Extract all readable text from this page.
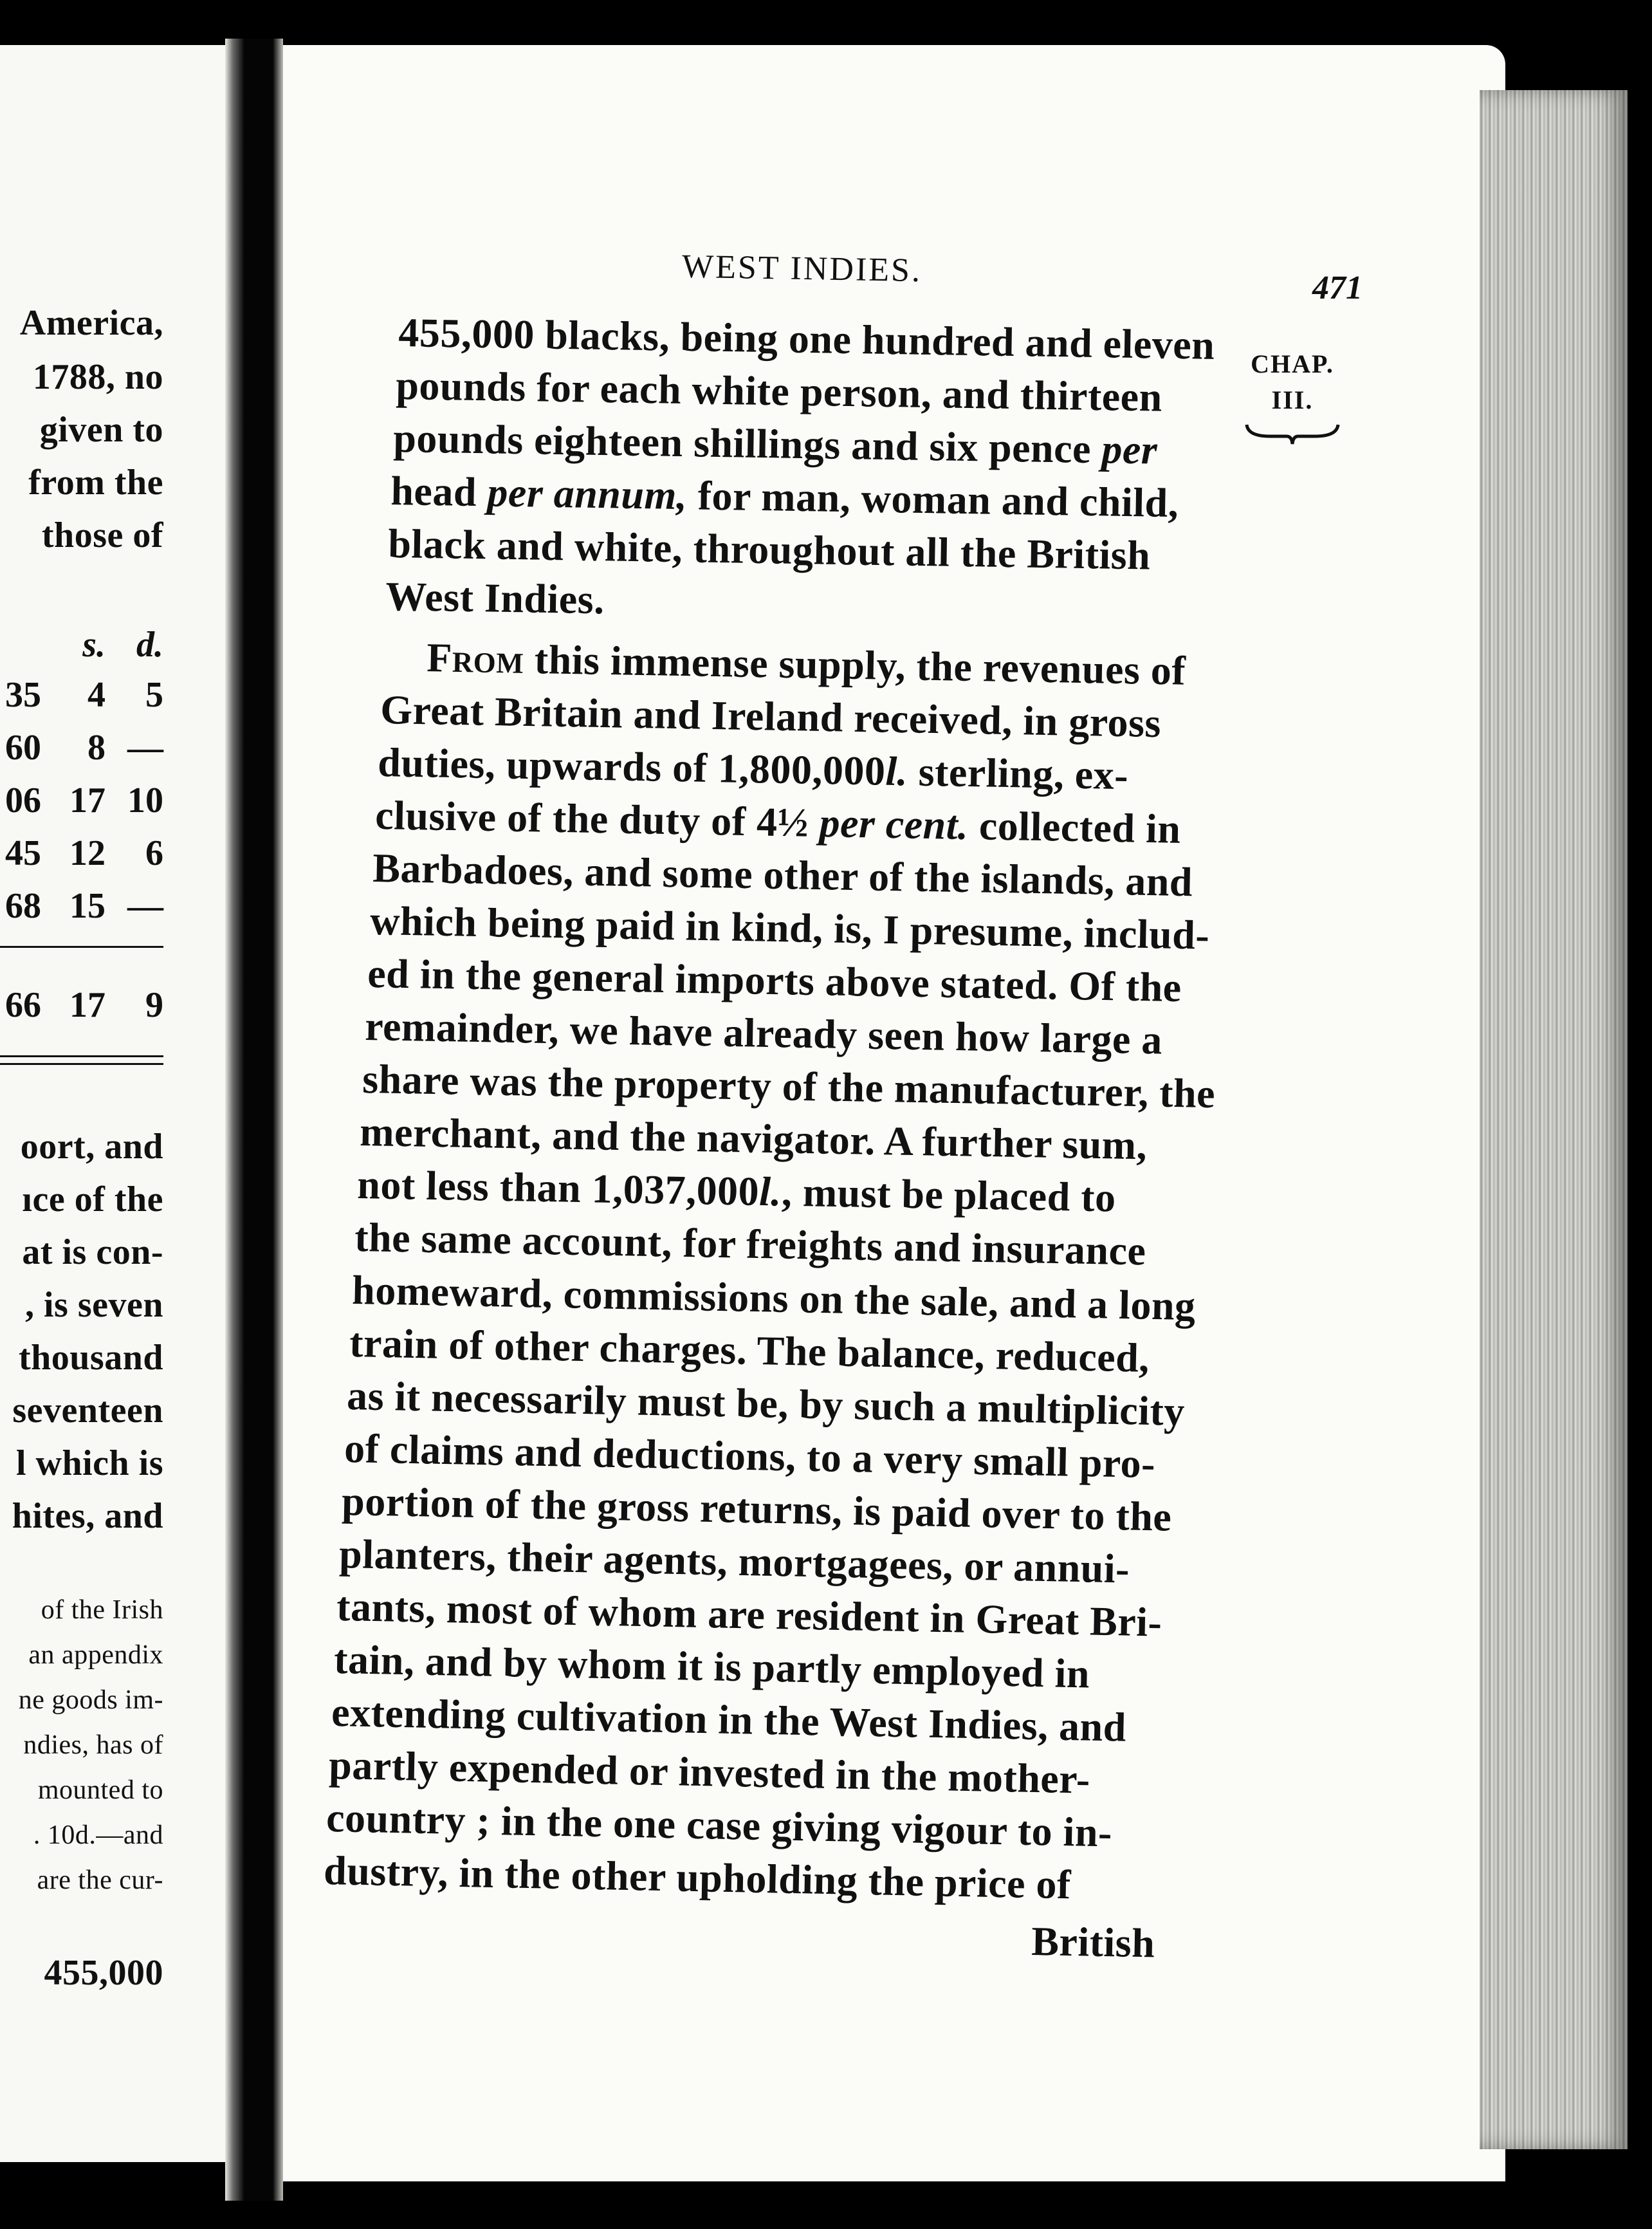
America,
1788, no
given to
from the
those of
s. d.
35 4 5
60 8 —
06 17 10
45 12 6
68 15 —
66 17 9
oort, and
ıce of the
at is con-
, is seven
thousand
seventeen
l which is
hites, and
of the Irish
an appendix
ne goods im-
ndies, has of
mounted to
. 10d.—and
are the cur-
455,000
WEST INDIES.	471
CHAP.
III.
455,000 blacks, being one hundred and eleven
pounds for each white person, and thirteen
pounds eighteen shillings and six pence per
head per annum, for man, woman and child,
black and white, throughout all the British
West Indies.
From this immense supply, the revenues of
Great Britain and Ireland received, in gross
duties, upwards of 1,800,000l. sterling, ex-
clusive of the duty of 4½ per cent. collected in
Barbadoes, and some other of the islands, and
which being paid in kind, is, I presume, includ-
ed in the general imports above stated. Of the
remainder, we have already seen how large a
share was the property of the manufacturer, the
merchant, and the navigator. A further sum,
not less than 1,037,000l., must be placed to
the same account, for freights and insurance
homeward, commissions on the sale, and a long
train of other charges. The balance, reduced,
as it necessarily must be, by such a multiplicity
of claims and deductions, to a very small pro-
portion of the gross returns, is paid over to the
planters, their agents, mortgagees, or annui-
tants, most of whom are resident in Great Bri-
tain, and by whom it is partly employed in
extending cultivation in the West Indies, and
partly expended or invested in the mother-
country ; in the one case giving vigour to in-
dustry, in the other upholding the price of
British
